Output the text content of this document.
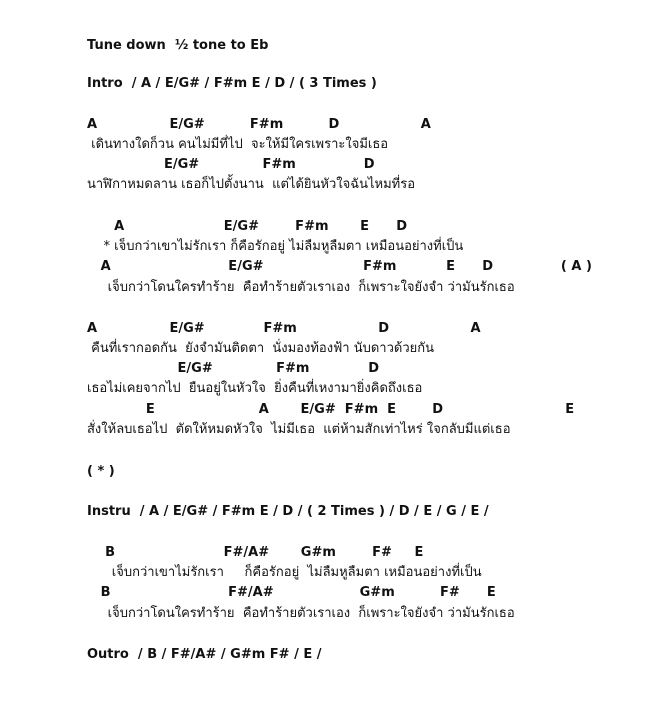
Tune down  ½ tone to Eb
Intro  / A / E/G# / F#m E / D / ( 3 Times )
A                E/G#          F#m          D                  A
เดินทางใดก็วน คนไม่มีที่ไป  จะให้มีใครเพราะใจมีเธอ
E/G#              F#m               D
นาฬิกาหมดลาน เธอก็ไปตั้งนาน  แต่ได้ยินหัวใจฉันไหมที่รอ
A                      E/G#        F#m       E      D
* เจ็บกว่าเขาไม่รักเรา ก็คือรักอยู่ ไม่ลืมหูลืมตา เหมือนอย่างที่เป็น
A                          E/G#                      F#m           E      D               ( A )
เจ็บกว่าโดนใครทำร้าย  คือทำร้ายตัวเราเอง  ก็เพราะใจยังจำ ว่ามันรักเธอ
A                E/G#             F#m                  D                  A
คืนที่เรากอดกัน  ยังจำมันติดตา  นั่งมองท้องฟ้า นับดาวด้วยกัน
E/G#              F#m             D
เธอไม่เคยจากไป  ยืนอยู่ในหัวใจ  ยิ่งคืนที่เหงามายิ่งคิดถึงเธอ
E                       A       E/G#  F#m  E        D                           E
สั่งให้ลบเธอไป  ตัดให้หมดหัวใจ  ไม่มีเธอ  แต่ห้ามสักเท่าไหร่ ใจกลับมีแต่เธอ
( * )
Instru  / A / E/G# / F#m E / D / ( 2 Times ) / D / E / G / E /
B                        F#/A#       G#m        F#     E
เจ็บกว่าเขาไม่รักเรา     ก็คือรักอยู่  ไม่ลืมหูลืมตา เหมือนอย่างที่เป็น
B                          F#/A#                   G#m          F#      E
เจ็บกว่าโดนใครทำร้าย  คือทำร้ายตัวเราเอง  ก็เพราะใจยังจำ ว่ามันรักเธอ
Outro  / B / F#/A# / G#m F# / E /
